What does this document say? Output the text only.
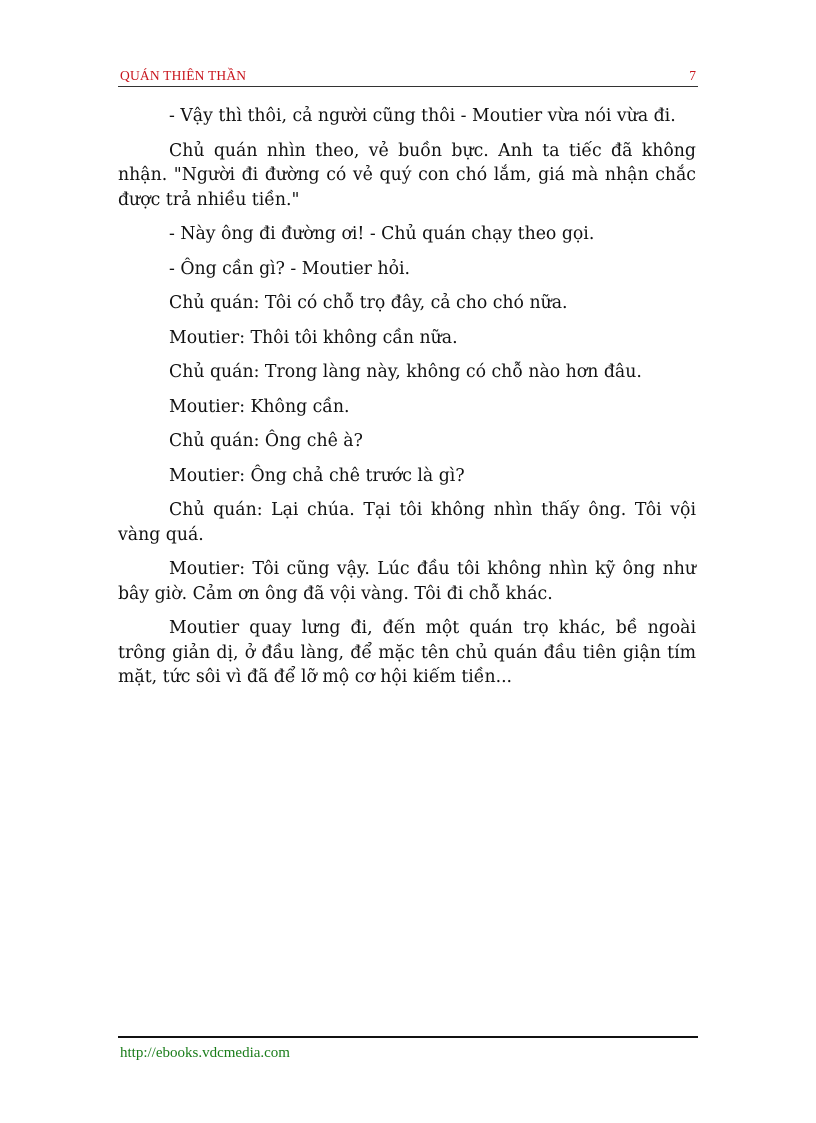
QUÁN THIÊN THẦN	7

- Vậy thì thôi, cả người cũng thôi - Moutier vừa nói vừa đi.

Chủ quán nhìn theo, vẻ buồn bực. Anh ta tiếc đã không nhận. "Người đi đường có vẻ quý con chó lắm, giá mà nhận chắc được trả nhiều tiền."

- Này ông đi đường ơi! - Chủ quán chạy theo gọi.

- Ông cần gì? - Moutier hỏi.

Chủ quán: Tôi có chỗ trọ đây, cả cho chó nữa.

Moutier: Thôi tôi không cần nữa.

Chủ quán: Trong làng này, không có chỗ nào hơn đâu.

Moutier: Không cần.

Chủ quán: Ông chê à?

Moutier: Ông chả chê trước là gì?

Chủ quán: Lại chúa. Tại tôi không nhìn thấy ông. Tôi vội vàng quá.

Moutier: Tôi cũng vậy. Lúc đầu tôi không nhìn kỹ ông như bây giờ. Cảm ơn ông đã vội vàng. Tôi đi chỗ khác.

Moutier quay lưng đi, đến một quán trọ khác, bề ngoài trông giản dị, ở đầu làng, để mặc tên chủ quán đầu tiên giận tím mặt, tức sôi vì đã để lỡ mộ cơ hội kiếm tiền...

http://ebooks.vdcmedia.com
